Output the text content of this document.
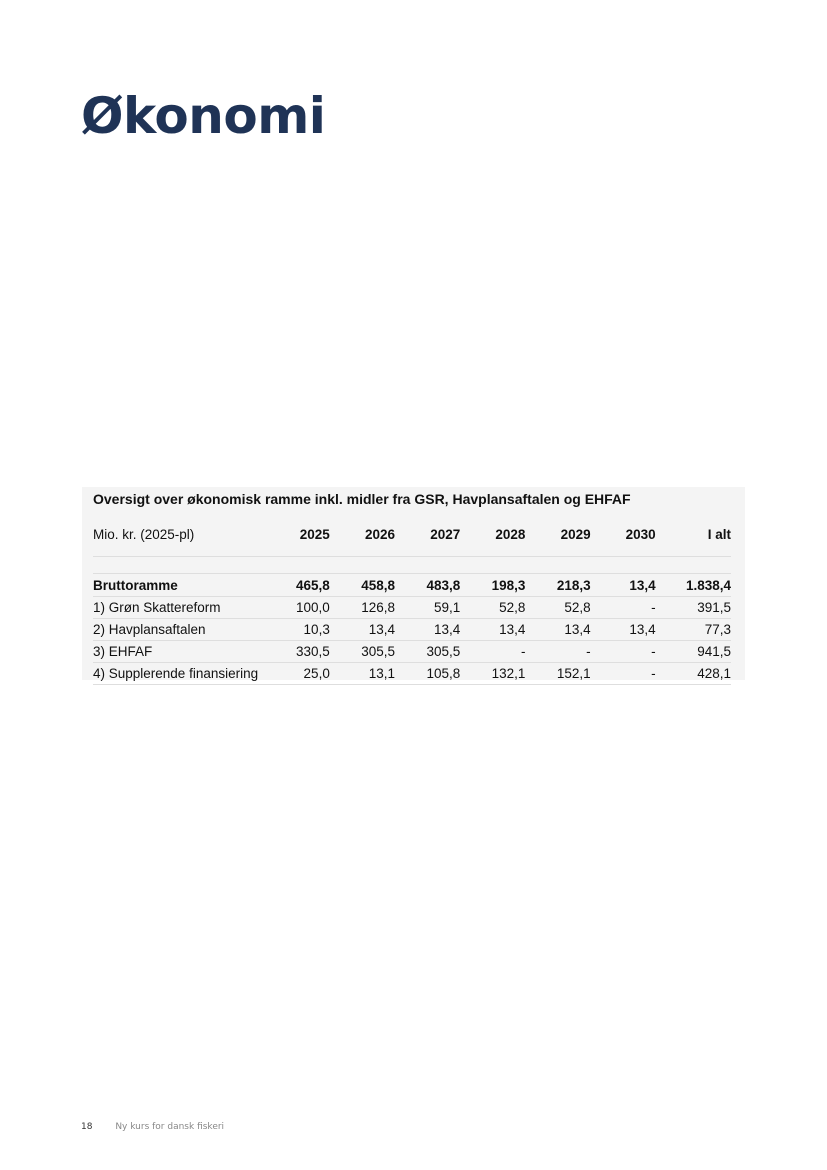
Økonomi
Oversigt over økonomisk ramme inkl. midler fra GSR, Havplansaftalen og EHFAF
Mio. kr. (2025-pl)	2025	2026	2027	2028	2029	2030	I alt

Bruttoramme	465,8	458,8	483,8	198,3	218,3	13,4	1.838,4
1) Grøn Skattereform	100,0	126,8	59,1	52,8	52,8	-	391,5
2) Havplansaftalen	10,3	13,4	13,4	13,4	13,4	13,4	77,3
3) EHFAF	330,5	305,5	305,5	-	-	-	941,5
4) Supplerende finansiering	25,0	13,1	105,8	132,1	152,1	-	428,1
18	Ny kurs for dansk fiskeri
